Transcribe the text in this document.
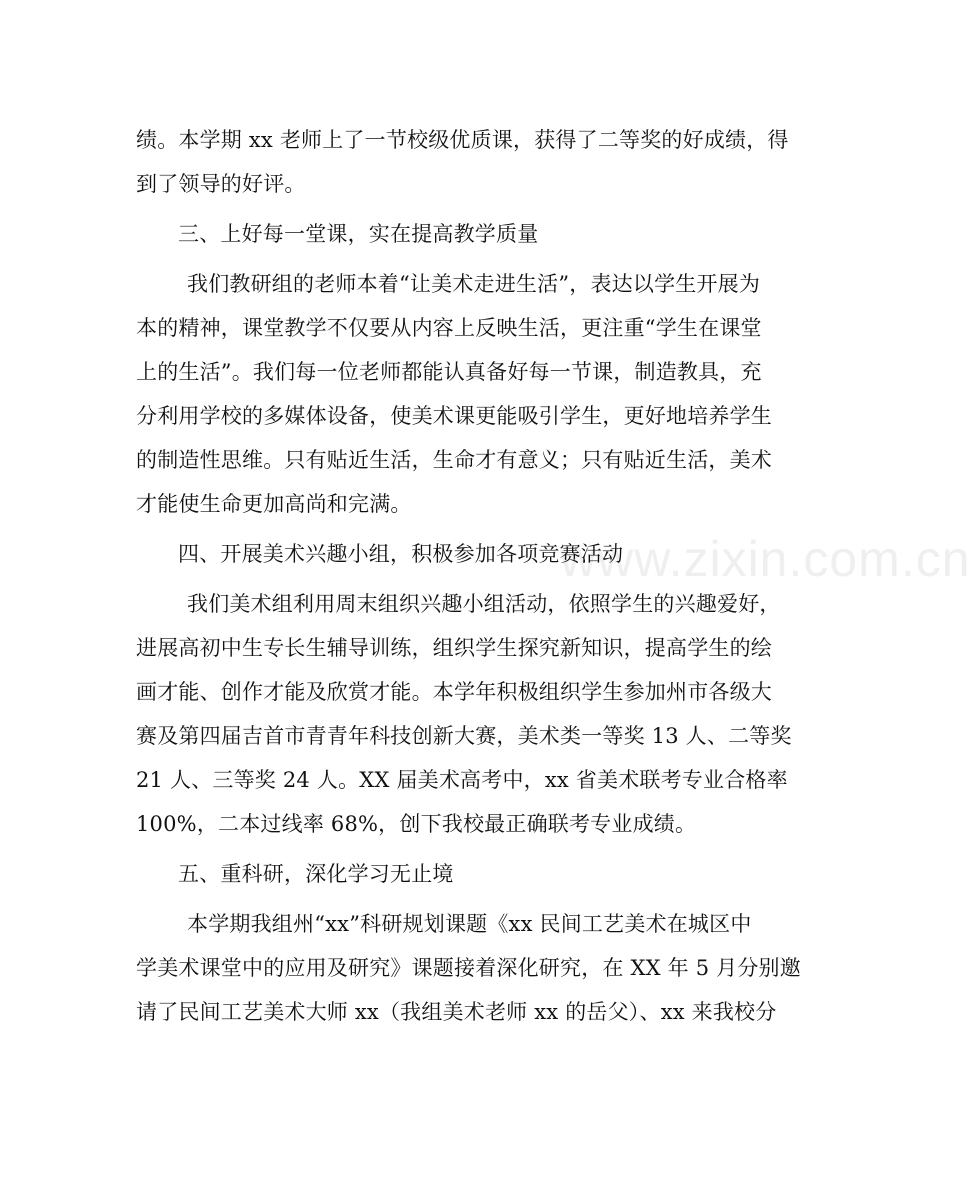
www.zixin.com.cn
绩。本学期 xx 老师上了一节校级优质课，获得了二等奖的好成绩，得
到了领导的好评。
三、上好每一堂课，实在提高教学质量
我们教研组的老师本着“让美术走进生活”，表达以学生开展为
本的精神，课堂教学不仅要从内容上反映生活，更注重“学生在课堂
上的生活”。我们每一位老师都能认真备好每一节课，制造教具，充
分利用学校的多媒体设备，使美术课更能吸引学生，更好地培养学生
的制造性思维。只有贴近生活，生命才有意义；只有贴近生活，美术
才能使生命更加高尚和完满。
四、开展美术兴趣小组，积极参加各项竞赛活动
我们美术组利用周末组织兴趣小组活动，依照学生的兴趣爱好，
进展高初中生专长生辅导训练，组织学生探究新知识，提高学生的绘
画才能、创作才能及欣赏才能。本学年积极组织学生参加州市各级大
赛及第四届吉首市青青年科技创新大赛，美术类一等奖 13 人、二等奖
21 人、三等奖 24 人。XX 届美术高考中，xx 省美术联考专业合格率
100%，二本过线率 68%，创下我校最正确联考专业成绩。
五、重科研，深化学习无止境
本学期我组州“xx”科研规划课题《xx 民间工艺美术在城区中
学美术课堂中的应用及研究》课题接着深化研究，在 XX 年 5 月分别邀
请了民间工艺美术大师 xx（我组美术老师 xx 的岳父）、xx 来我校分
